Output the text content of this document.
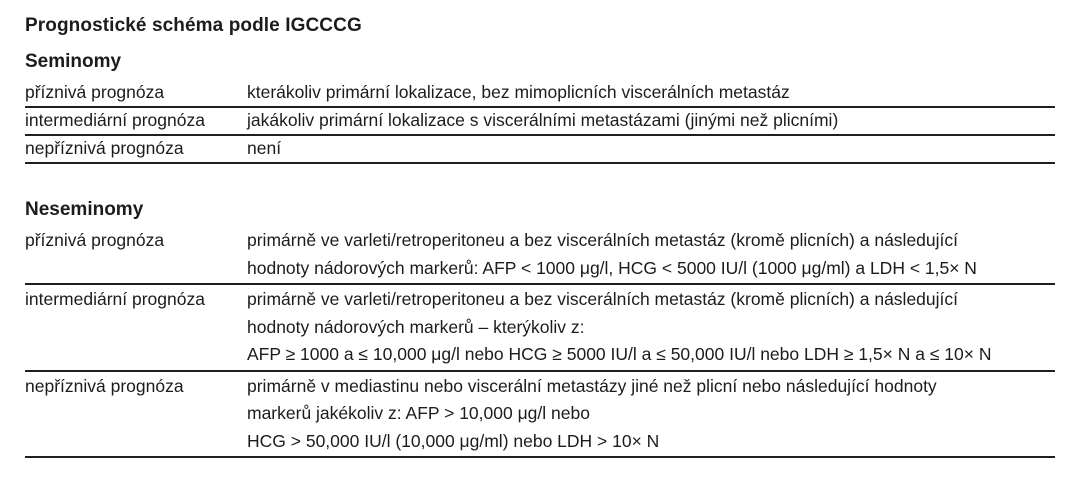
Prognostické schéma podle IGCCCG
Seminomy
příznivá prognóza	kterákoliv primární lokalizace, bez mimoplicních viscerálních metastáz
intermediární prognóza	jakákoliv primární lokalizace s viscerálními metastázami (jinými než plicními)
nepříznivá prognóza	není
Neseminomy
příznivá prognóza	primárně ve varleti/retroperitoneu a bez viscerálních metastáz (kromě plicních) a následující
hodnoty nádorových markerů: AFP < 1000 μg/l, HCG < 5000 IU/l (1000 μg/ml) a LDH < 1,5× N
intermediární prognóza	primárně ve varleti/retroperitoneu a bez viscerálních metastáz (kromě plicních) a následující
hodnoty nádorových markerů – kterýkoliv z:
AFP ≥ 1000 a ≤ 10,000 μg/l nebo HCG ≥ 5000 IU/l a ≤ 50,000 IU/l nebo LDH ≥ 1,5× N a ≤ 10× N
nepříznivá prognóza	primárně v mediastinu nebo viscerální metastázy jiné než plicní nebo následující hodnoty
markerů jakékoliv z: AFP > 10,000 μg/l nebo
HCG > 50,000 IU/l (10,000 μg/ml) nebo LDH > 10× N
